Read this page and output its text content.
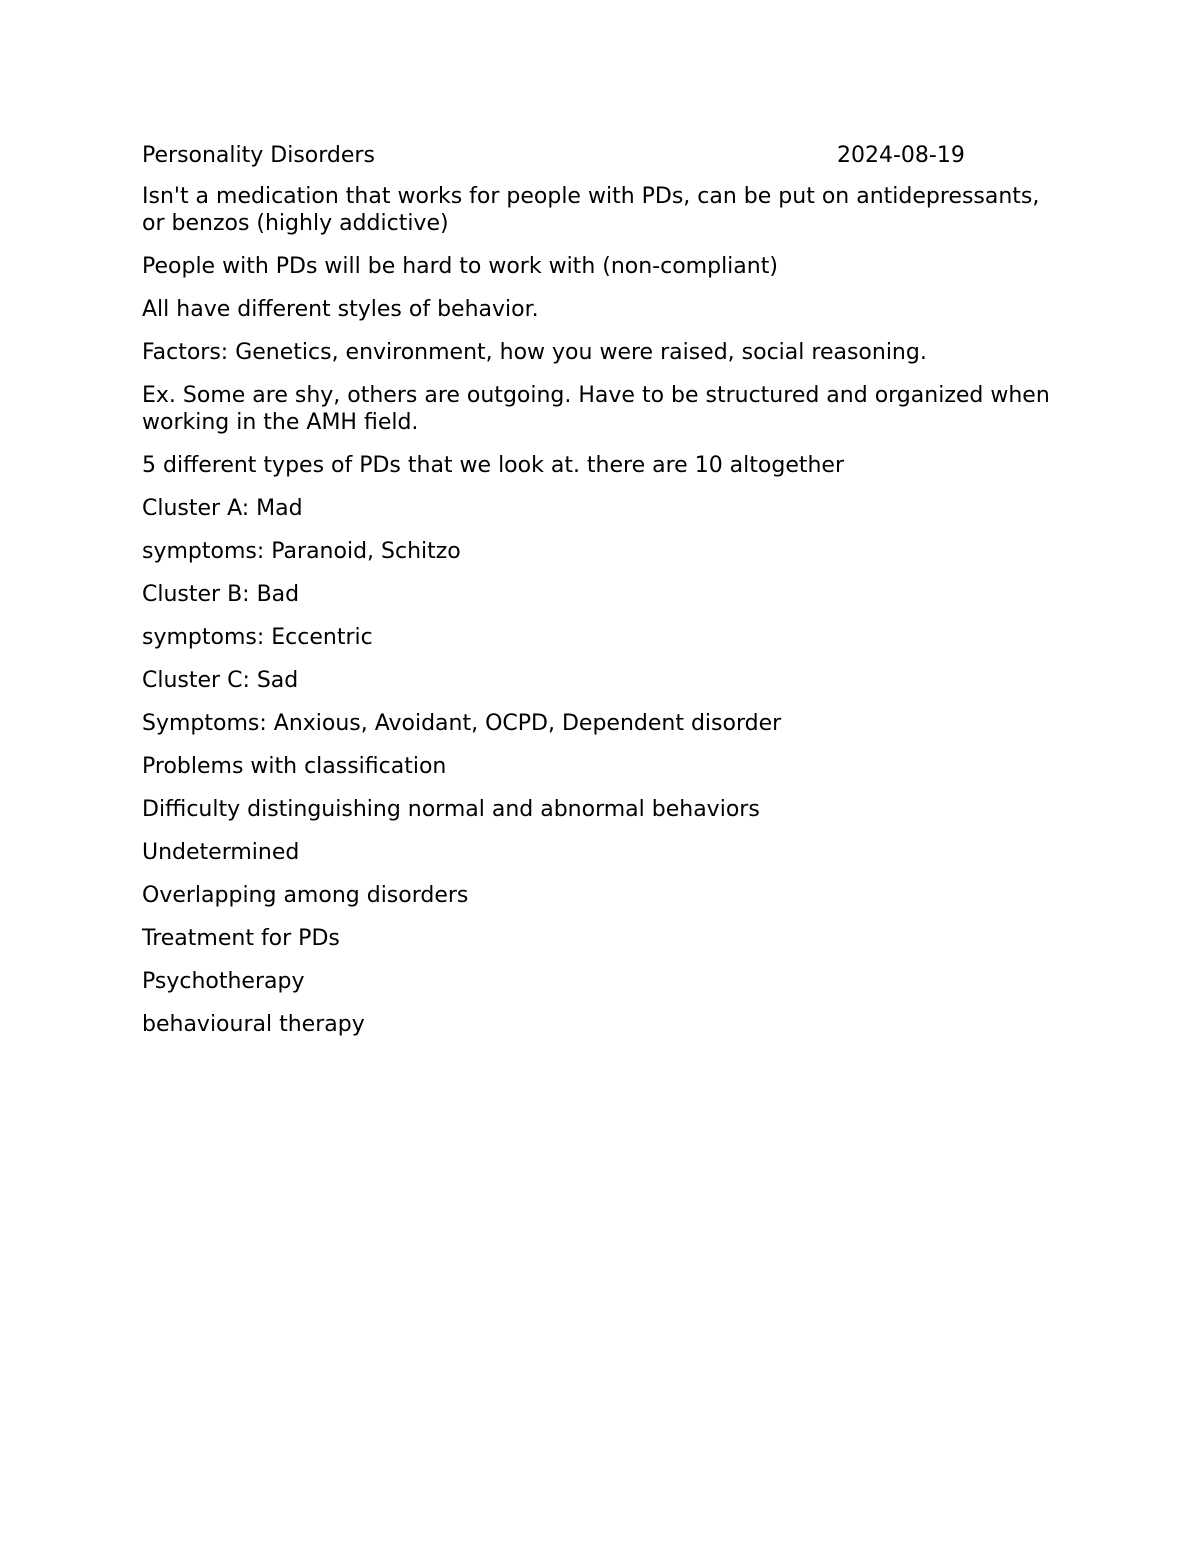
Personality Disorders	2024-08-19

Isn't a medication that works for people with PDs, can be put on antidepressants, or benzos (highly addictive)

People with PDs will be hard to work with (non-compliant)

All have different styles of behavior.

Factors: Genetics, environment, how you were raised, social reasoning.

Ex. Some are shy, others are outgoing. Have to be structured and organized when working in the AMH field.

5 different types of PDs that we look at. there are 10 altogether

Cluster A: Mad

symptoms: Paranoid, Schitzo

Cluster B: Bad

symptoms: Eccentric

Cluster C: Sad

Symptoms: Anxious, Avoidant, OCPD, Dependent disorder

Problems with classification

Difficulty distinguishing normal and abnormal behaviors

Undetermined

Overlapping among disorders

Treatment for PDs

Psychotherapy

behavioural therapy
